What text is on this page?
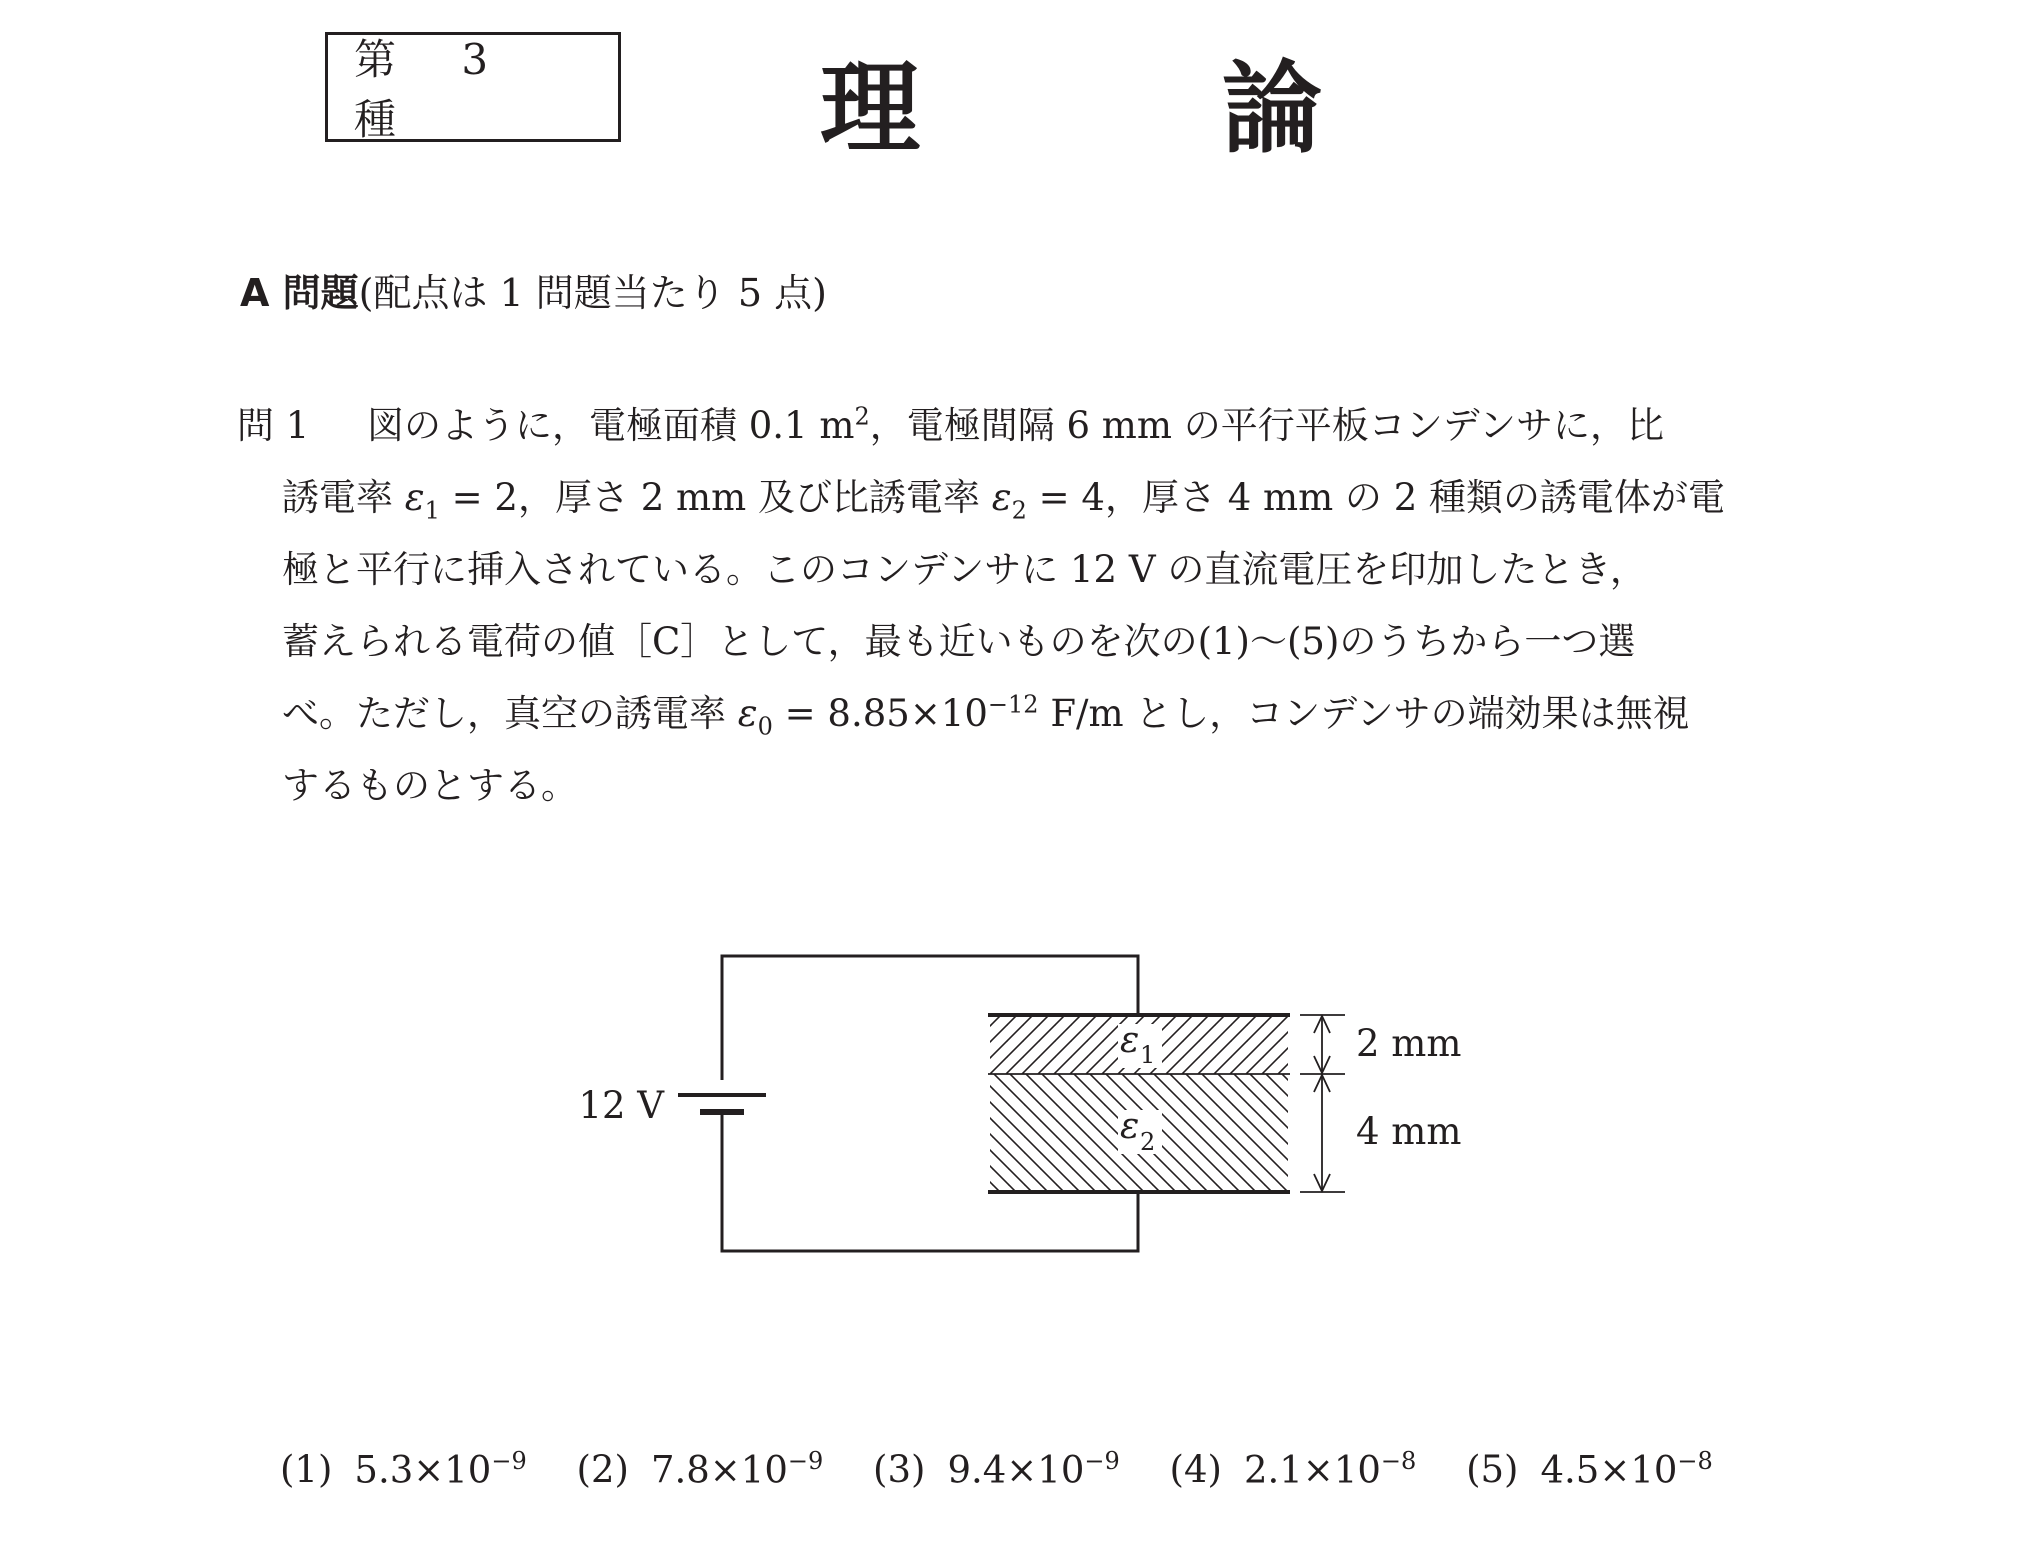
第 3 種	理	論
A 問題(配点は 1 問題当たり 5 点)
問 1 図のように，電極面積 0.1 $m^2$，電極間隔 6 mm の平行平板コンデンサに，比
誘電率 $\varepsilon_1 = 2$，厚さ 2 mm 及び比誘電率 $\varepsilon_2 = 4$，厚さ 4 mm の 2 種類の誘電体が電
極と平行に挿入されている。このコンデンサに 12 V の直流電圧を印加したとき，
蓄えられる電荷の値［C］として，最も近いものを次の(1)～(5)のうちから一つ選
べ。ただし，真空の誘電率 $\varepsilon_0 = 8.85\times 10^{-12}$ F/m とし，コンデンサの端効果は無視
するものとする。
12 V
ε 1
ε 2
2 mm
4 mm
(1) $5.3\times 10^{-9}$ (2) $7.8\times 10^{-9}$ (3) $9.4\times 10^{-9}$ (4) $2.1\times 10^{-8}$ (5) $4.5\times 10^{-8}$
